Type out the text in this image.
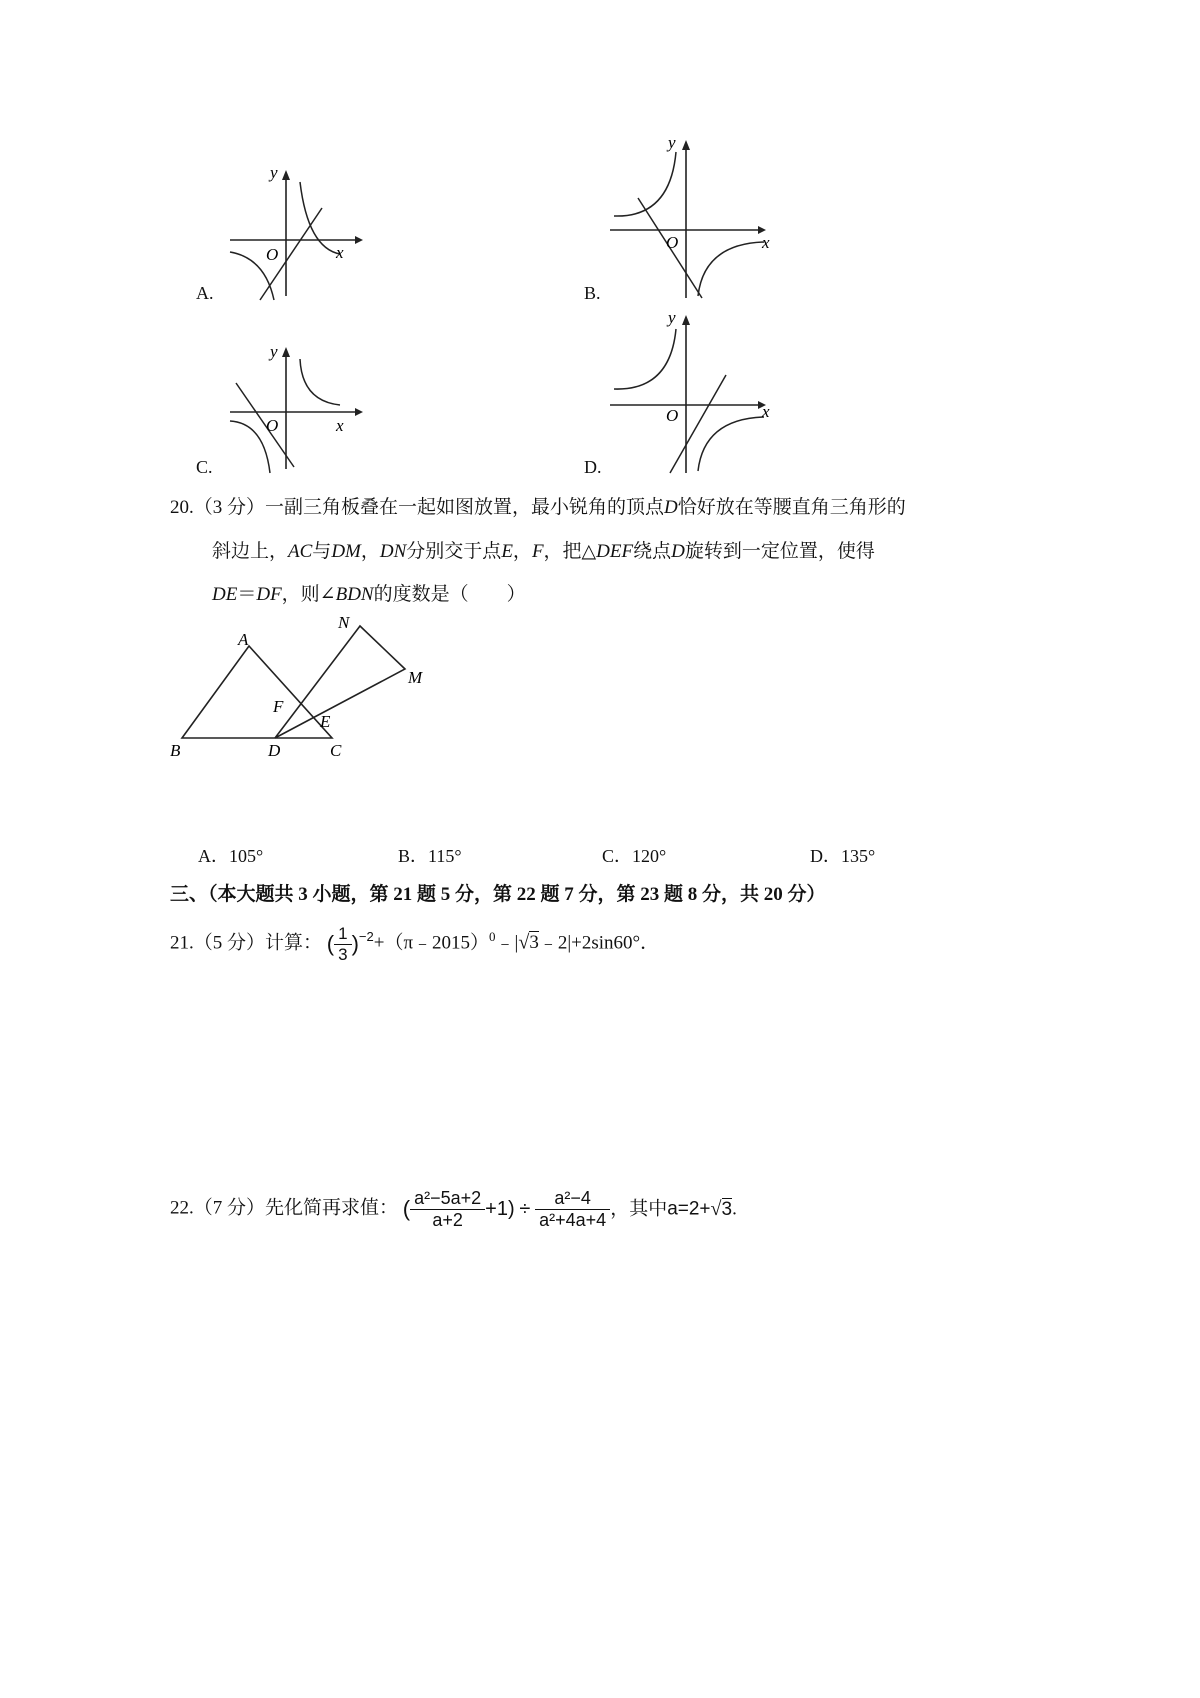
y
x
O
A.
y
x
O
B.
y
x
O
C.
y
x
O
D.
20.（3 分）一副三角板叠在一起如图放置，最小锐角的顶点D恰好放在等腰直角三角形的
斜边上，AC与DM，DN分别交于点E，F，把△DEF绕点D旋转到一定位置，使得
DE＝DF，则∠BDN的度数是（　　）
A
B	C
D
E
F
M
N
A．105°	B．115°	C．120°	D．135°
三、（本大题共 3 小题，第 21 题 5 分，第 22 题 7 分，第 23 题 8 分，共 20 分）
21.（5 分）计算： ( $\frac{1}{3}$ )$^{-2}$+（π﹣2015）$^0$﹣|√3﹣2|+2sin60°．
22.（7 分）先化简再求值： ( $\frac{\text{a²−5a+2}}{a+2} +1) \div \frac{\text{a²−4}}{\text{a²+4a+4}}$ ，其中a=2+√3.
